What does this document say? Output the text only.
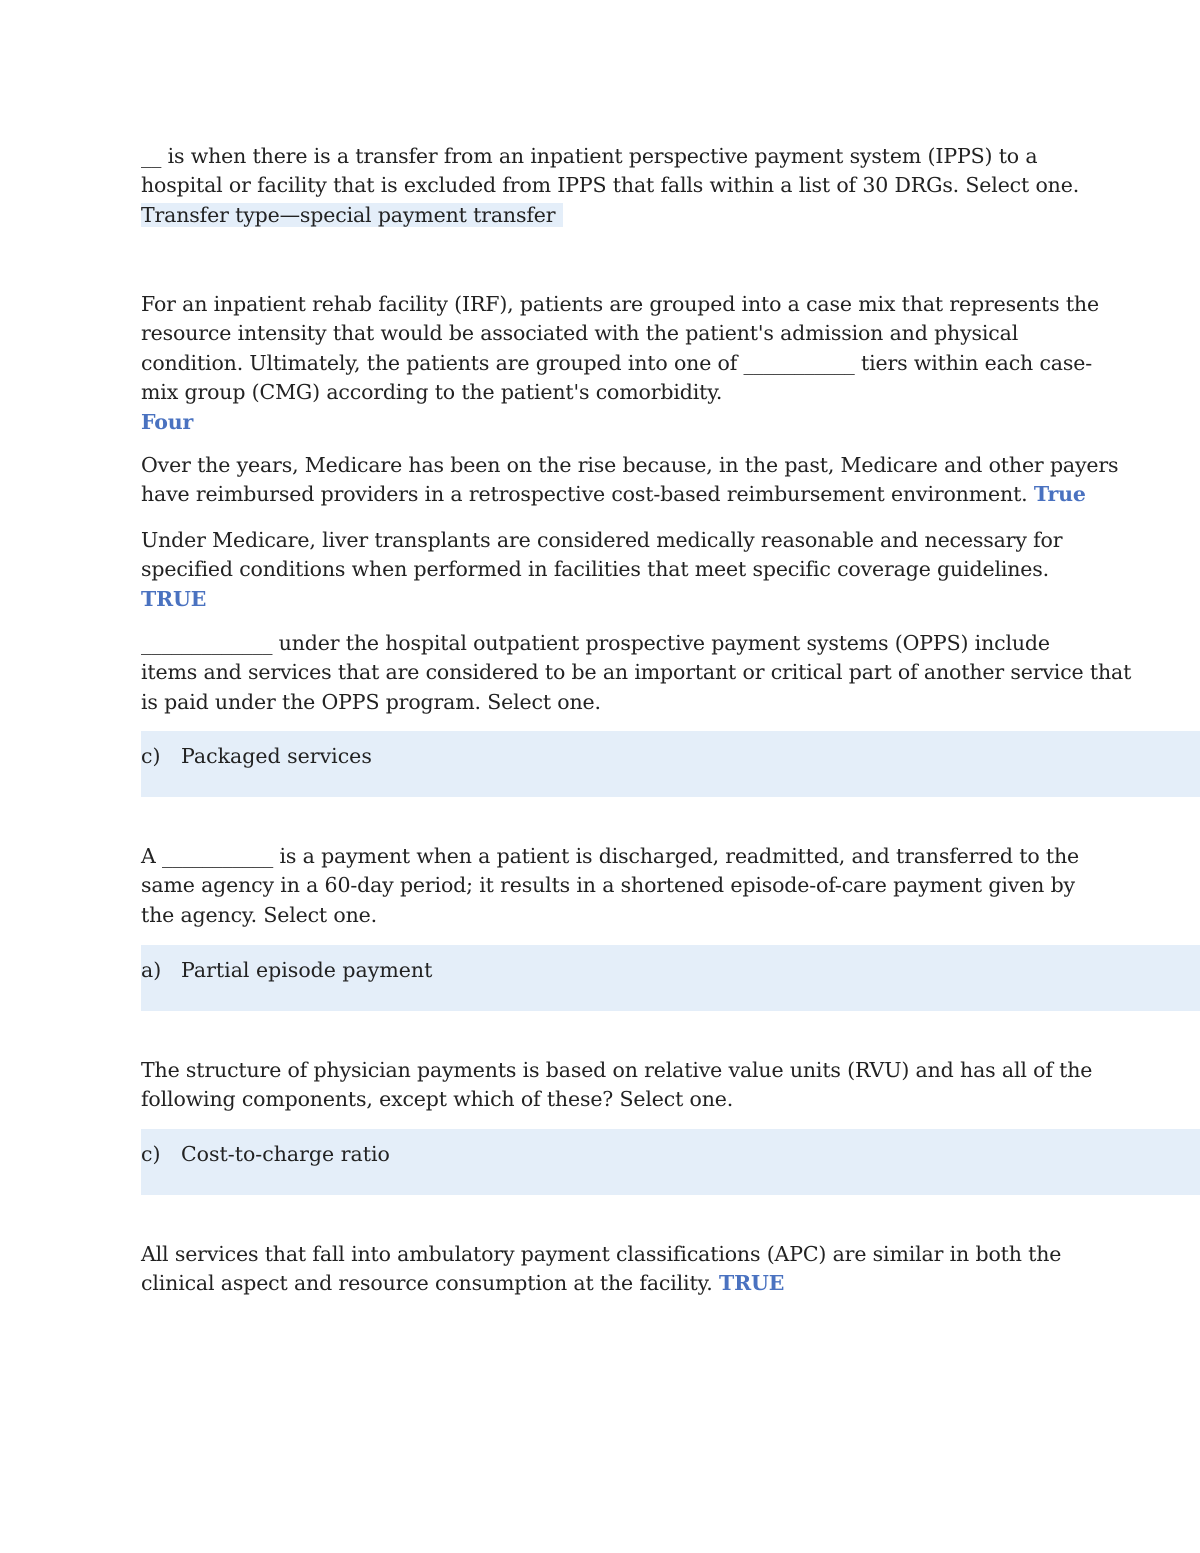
__ is when there is a transfer from an inpatient perspective payment system (IPPS) to a
hospital or facility that is excluded from IPPS that falls within a list of 30 DRGs. Select one.
Transfer type—special payment transfer
For an inpatient rehab facility (IRF), patients are grouped into a case mix that represents the
resource intensity that would be associated with the patient's admission and physical
condition. Ultimately, the patients are grouped into one of ___________ tiers within each case-
mix group (CMG) according to the patient's comorbidity.
Four
Over the years, Medicare has been on the rise because, in the past, Medicare and other payers
have reimbursed providers in a retrospective cost-based reimbursement environment. True
Under Medicare, liver transplants are considered medically reasonable and necessary for
specified conditions when performed in facilities that meet specific coverage guidelines.
TRUE
_____________ under the hospital outpatient prospective payment systems (OPPS) include
items and services that are considered to be an important or critical part of another service that
is paid under the OPPS program. Select one.
c) Packaged services
A ___________ is a payment when a patient is discharged, readmitted, and transferred to the
same agency in a 60-day period; it results in a shortened episode-of-care payment given by
the agency. Select one.
a) Partial episode payment
The structure of physician payments is based on relative value units (RVU) and has all of the
following components, except which of these? Select one.
c) Cost-to-charge ratio
All services that fall into ambulatory payment classifications (APC) are similar in both the
clinical aspect and resource consumption at the facility. TRUE
